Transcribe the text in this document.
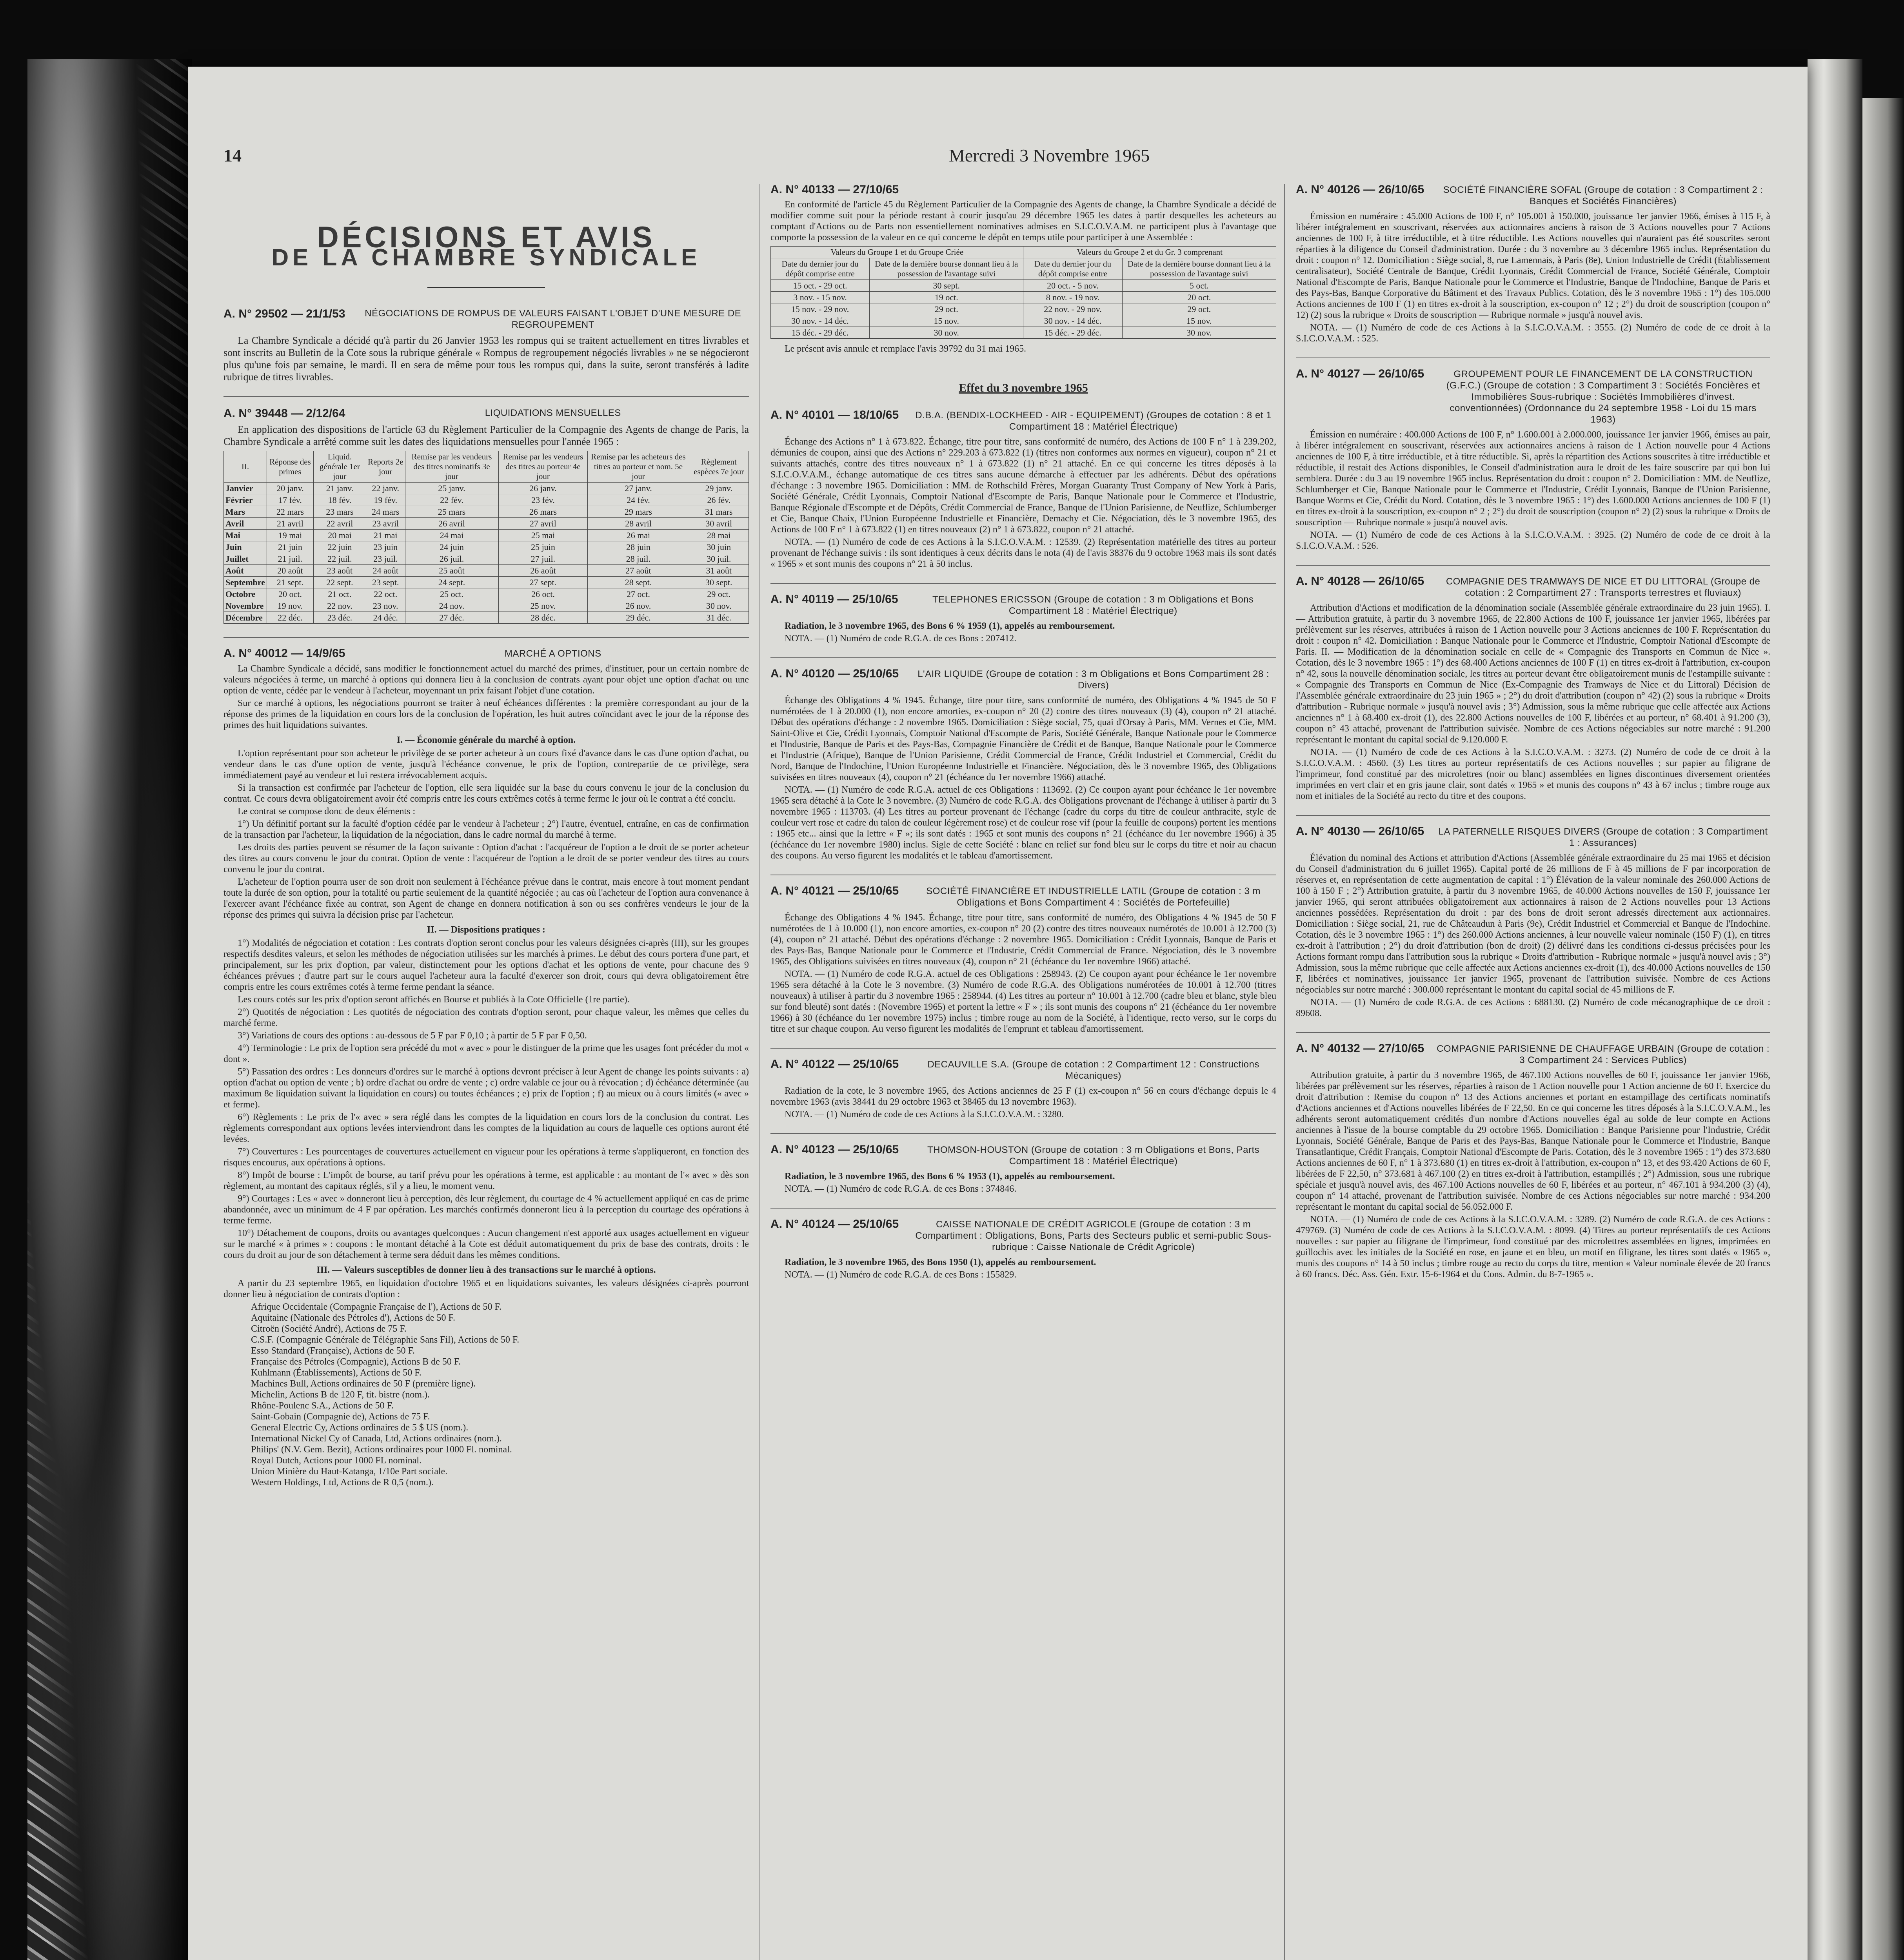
14	Mercredi 3 Novembre 1965
DÉCISIONS ET AVIS
DE LA CHAMBRE SYNDICALE
A. N° 29502 — 21/1/53	NÉGOCIATIONS DE ROMPUS DE VALEURS FAISANT L'OBJET D'UNE MESURE DE REGROUPEMENT

La Chambre Syndicale a décidé qu'à partir du 26 Janvier 1953 les rompus qui se traitent actuellement en titres livrables et sont inscrits au Bulletin de la Cote sous la rubrique générale « Rompus de regroupement négociés livrables » ne se négocieront plus qu'une fois par semaine, le mardi. Il en sera de même pour tous les rompus qui, dans la suite, seront transférés à ladite rubrique de titres livrables.

A. N° 39448 — 2/12/64	LIQUIDATIONS MENSUELLES

En application des dispositions de l'article 63 du Règlement Particulier de la Compagnie des Agents de change de Paris, la Chambre Syndicale a arrêté comme suit les dates des liquidations mensuelles pour l'année 1965 :

II.	Réponse des primes	Liquid. générale 1er jour	Reports 2e jour	Remise par les vendeurs des titres nominatifs 3e jour	Remise par les vendeurs des titres au porteur 4e jour	Remise par les acheteurs des titres au porteur et nom. 5e jour	Règlement espèces 7e jour
Janvier	20 janv.	21 janv.	22 janv.	25 janv.	26 janv.	27 janv.	29 janv.
Février	17 fév.	18 fév.	19 fév.	22 fév.	23 fév.	24 fév.	26 fév.
Mars	22 mars	23 mars	24 mars	25 mars	26 mars	29 mars	31 mars
Avril	21 avril	22 avril	23 avril	26 avril	27 avril	28 avril	30 avril
Mai	19 mai	20 mai	21 mai	24 mai	25 mai	26 mai	28 mai
Juin	21 juin	22 juin	23 juin	24 juin	25 juin	28 juin	30 juin
Juillet	21 juil.	22 juil.	23 juil.	26 juil.	27 juil.	28 juil.	30 juil.
Août	20 août	23 août	24 août	25 août	26 août	27 août	31 août
Septembre	21 sept.	22 sept.	23 sept.	24 sept.	27 sept.	28 sept.	30 sept.
Octobre	20 oct.	21 oct.	22 oct.	25 oct.	26 oct.	27 oct.	29 oct.
Novembre	19 nov.	22 nov.	23 nov.	24 nov.	25 nov.	26 nov.	30 nov.
Décembre	22 déc.	23 déc.	24 déc.	27 déc.	28 déc.	29 déc.	31 déc.
A. N° 40012 — 14/9/65	MARCHÉ A OPTIONS

La Chambre Syndicale a décidé, sans modifier le fonctionnement actuel du marché des primes, d'instituer, pour un certain nombre de valeurs négociées à terme, un marché à options qui donnera lieu à la conclusion de contrats ayant pour objet une option d'achat ou une option de vente, cédée par le vendeur à l'acheteur, moyennant un prix faisant l'objet d'une cotation.

Sur ce marché à options, les négociations pourront se traiter à neuf échéances différentes : la première correspondant au jour de la réponse des primes de la liquidation en cours lors de la conclusion de l'opération, les huit autres coïncidant avec le jour de la réponse des primes des huit liquidations suivantes.

I. — Économie générale du marché à option.

L'option représentant pour son acheteur le privilège de se porter acheteur à un cours fixé d'avance dans le cas d'une option d'achat, ou vendeur dans le cas d'une option de vente, jusqu'à l'échéance convenue, le prix de l'option, contrepartie de ce privilège, sera immédiatement payé au vendeur et lui restera irrévocablement acquis.

Si la transaction est confirmée par l'acheteur de l'option, elle sera liquidée sur la base du cours convenu le jour de la conclusion du contrat. Ce cours devra obligatoirement avoir été compris entre les cours extrêmes cotés à terme ferme le jour où le contrat a été conclu.

Le contrat se compose donc de deux éléments :

1°) Un définitif portant sur la faculté d'option cédée par le vendeur à l'acheteur ; 2°) l'autre, éventuel, entraîne, en cas de confirmation de la transaction par l'acheteur, la liquidation de la négociation, dans le cadre normal du marché à terme.

Les droits des parties peuvent se résumer de la façon suivante : Option d'achat : l'acquéreur de l'option a le droit de se porter acheteur des titres au cours convenu le jour du contrat. Option de vente : l'acquéreur de l'option a le droit de se porter vendeur des titres au cours convenu le jour du contrat.

L'acheteur de l'option pourra user de son droit non seulement à l'échéance prévue dans le contrat, mais encore à tout moment pendant toute la durée de son option, pour la totalité ou partie seulement de la quantité négociée ; au cas où l'acheteur de l'option aura convenance à l'exercer avant l'échéance fixée au contrat, son Agent de change en donnera notification à son ou ses confrères vendeurs le jour de la réponse des primes qui suivra la décision prise par l'acheteur.

II. — Dispositions pratiques :

1°) Modalités de négociation et cotation : Les contrats d'option seront conclus pour les valeurs désignées ci-après (III), sur les groupes respectifs desdites valeurs, et selon les méthodes de négociation utilisées sur les marchés à primes. Le début des cours portera d'une part, et principalement, sur les prix d'option, par valeur, distinctement pour les options d'achat et les options de vente, pour chacune des 9 échéances prévues ; d'autre part sur le cours auquel l'acheteur aura la faculté d'exercer son droit, cours qui devra obligatoirement être compris entre les cours extrêmes cotés à terme ferme pendant la séance.

Les cours cotés sur les prix d'option seront affichés en Bourse et publiés à la Cote Officielle (1re partie).

2°) Quotités de négociation : Les quotités de négociation des contrats d'option seront, pour chaque valeur, les mêmes que celles du marché ferme.

3°) Variations de cours des options : au-dessous de 5 F par F 0,10 ; à partir de 5 F par F 0,50.

4°) Terminologie : Le prix de l'option sera précédé du mot « avec » pour le distinguer de la prime que les usages font précéder du mot « dont ».

5°) Passation des ordres : Les donneurs d'ordres sur le marché à options devront préciser à leur Agent de change les points suivants : a) option d'achat ou option de vente ; b) ordre d'achat ou ordre de vente ; c) ordre valable ce jour ou à révocation ; d) échéance déterminée (au maximum 8e liquidation suivant la liquidation en cours) ou toutes échéances ; e) prix de l'option ; f) au mieux ou à cours limités (« avec » et ferme).

6°) Règlements : Le prix de l'« avec » sera réglé dans les comptes de la liquidation en cours lors de la conclusion du contrat. Les règlements correspondant aux options levées interviendront dans les comptes de la liquidation au cours de laquelle ces options auront été levées.

7°) Couvertures : Les pourcentages de couvertures actuellement en vigueur pour les opérations à terme s'appliqueront, en fonction des risques encourus, aux opérations à options.

8°) Impôt de bourse : L'impôt de bourse, au tarif prévu pour les opérations à terme, est applicable : au montant de l'« avec » dès son règlement, au montant des capitaux réglés, s'il y a lieu, le moment venu.

9°) Courtages : Les « avec » donneront lieu à perception, dès leur règlement, du courtage de 4 % actuellement appliqué en cas de prime abandonnée, avec un minimum de 4 F par opération. Les marchés confirmés donneront lieu à la perception du courtage des opérations à terme ferme.

10°) Détachement de coupons, droits ou avantages quelconques : Aucun changement n'est apporté aux usages actuellement en vigueur sur le marché « à primes » : coupons : le montant détaché à la Cote est déduit automatiquement du prix de base des contrats, droits : le cours du droit au jour de son détachement à terme sera déduit dans les mêmes conditions.

III. — Valeurs susceptibles de donner lieu à des transactions sur le marché à options.

A partir du 23 septembre 1965, en liquidation d'octobre 1965 et en liquidations suivantes, les valeurs désignées ci-après pourront donner lieu à négociation de contrats d'option :

Afrique Occidentale (Compagnie Française de l'), Actions de 50 F.
Aquitaine (Nationale des Pétroles d'), Actions de 50 F.
Citroën (Société André), Actions de 75 F.
C.S.F. (Compagnie Générale de Télégraphie Sans Fil), Actions de 50 F.
Esso Standard (Française), Actions de 50 F.
Française des Pétroles (Compagnie), Actions B de 50 F.
Kuhlmann (Établissements), Actions de 50 F.
Machines Bull, Actions ordinaires de 50 F (première ligne).
Michelin, Actions B de 120 F, tit. bistre (nom.).
Rhône-Poulenc S.A., Actions de 50 F.
Saint-Gobain (Compagnie de), Actions de 75 F.
General Electric Cy, Actions ordinaires de 5 $ US (nom.).
International Nickel Cy of Canada, Ltd, Actions ordinaires (nom.).
Philips' (N.V. Gem. Bezit), Actions ordinaires pour 1000 Fl. nominal.
Royal Dutch, Actions pour 1000 FL nominal.
Union Minière du Haut-Katanga, 1/10e Part sociale.
Western Holdings, Ltd, Actions de R 0,5 (nom.).
A. N° 40133 — 27/10/65

En conformité de l'article 45 du Règlement Particulier de la Compagnie des Agents de change, la Chambre Syndicale a décidé de modifier comme suit pour la période restant à courir jusqu'au 29 décembre 1965 les dates à partir desquelles les acheteurs au comptant d'Actions ou de Parts non essentiellement nominatives admises en S.I.C.O.V.A.M. ne participent plus à l'avantage que comporte la possession de la valeur en ce qui concerne le dépôt en temps utile pour participer à une Assemblée :

Valeurs du Groupe 1 et du Groupe Criée		Valeurs du Groupe 2 et du Gr. 3 comprenant	
Date du dernier jour du dépôt comprise entre	Date de la dernière bourse donnant lieu à la possession de l'avantage suivi	Date du dernier jour du dépôt comprise entre	Date de la dernière bourse donnant lieu à la possession de l'avantage suivi
15 oct. - 29 oct.	30 sept.	20 oct. - 5 nov.	5 oct.
3 nov. - 15 nov.	19 oct.	8 nov. - 19 nov.	20 oct.
15 nov. - 29 nov.	29 oct.	22 nov. - 29 nov.	29 oct.
30 nov. - 14 déc.	15 nov.	30 nov. - 14 déc.	15 nov.
15 déc. - 29 déc.	30 nov.	15 déc. - 29 déc.	30 nov.

Le présent avis annule et remplace l'avis 39792 du 31 mai 1965.

Effet du 3 novembre 1965
A. N° 40101 — 18/10/65	D.B.A. (BENDIX-LOCKHEED - AIR - EQUIPEMENT) (Groupes de cotation : 8 et 1 Compartiment 18 : Matériel Électrique)

Échange des Actions n° 1 à 673.822. Échange, titre pour titre, sans conformité de numéro, des Actions de 100 F n° 1 à 239.202, démunies de coupon, ainsi que des Actions n° 229.203 à 673.822 (1) (titres non conformes aux normes en vigueur), coupon n° 21 et suivants attachés, contre des titres nouveaux n° 1 à 673.822 (1) n° 21 attaché. En ce qui concerne les titres déposés à la S.I.C.O.V.A.M., échange automatique de ces titres sans aucune démarche à effectuer par les adhérents. Début des opérations d'échange : 3 novembre 1965. Domiciliation : MM. de Rothschild Frères, Morgan Guaranty Trust Company of New York à Paris, Société Générale, Crédit Lyonnais, Comptoir National d'Escompte de Paris, Banque Nationale pour le Commerce et l'Industrie, Banque Régionale d'Escompte et de Dépôts, Crédit Commercial de France, Banque de l'Union Parisienne, de Neuflize, Schlumberger et Cie, Banque Chaix, l'Union Européenne Industrielle et Financière, Demachy et Cie. Négociation, dès le 3 novembre 1965, des Actions de 100 F n° 1 à 673.822 (1) en titres nouveaux (2) n° 1 à 673.822, coupon n° 21 attaché.

NOTA. — (1) Numéro de code de ces Actions à la S.I.C.O.V.A.M. : 12539. (2) Représentation matérielle des titres au porteur provenant de l'échange suivis : ils sont identiques à ceux décrits dans le nota (4) de l'avis 38376 du 9 octobre 1963 mais ils sont datés « 1965 » et sont munis des coupons n° 21 à 50 inclus.

A. N° 40119 — 25/10/65	TELEPHONES ERICSSON (Groupe de cotation : 3 m Obligations et Bons Compartiment 18 : Matériel Électrique)

Radiation, le 3 novembre 1965, des Bons 6 % 1959 (1), appelés au remboursement.

NOTA. — (1) Numéro de code R.G.A. de ces Bons : 207412.

A. N° 40120 — 25/10/65	L'AIR LIQUIDE (Groupe de cotation : 3 m Obligations et Bons Compartiment 28 : Divers)

Échange des Obligations 4 % 1945. Échange, titre pour titre, sans conformité de numéro, des Obligations 4 % 1945 de 50 F numérotées de 1 à 20.000 (1), non encore amorties, ex-coupon n° 20 (2) contre des titres nouveaux (3) (4), coupon n° 21 attaché. Début des opérations d'échange : 2 novembre 1965. Domiciliation : Siège social, 75, quai d'Orsay à Paris, MM. Vernes et Cie, MM. Saint-Olive et Cie, Crédit Lyonnais, Comptoir National d'Escompte de Paris, Société Générale, Banque Nationale pour le Commerce et l'Industrie, Banque de Paris et des Pays-Bas, Compagnie Financière de Crédit et de Banque, Banque Nationale pour le Commerce et l'Industrie (Afrique), Banque de l'Union Parisienne, Crédit Commercial de France, Crédit Industriel et Commercial, Crédit du Nord, Banque de l'Indochine, l'Union Européenne Industrielle et Financière. Négociation, dès le 3 novembre 1965, des Obligations suivisées en titres nouveaux (4), coupon n° 21 (échéance du 1er novembre 1966) attaché.

NOTA. — (1) Numéro de code R.G.A. actuel de ces Obligations : 113692. (2) Ce coupon ayant pour échéance le 1er novembre 1965 sera détaché à la Cote le 3 novembre. (3) Numéro de code R.G.A. des Obligations provenant de l'échange à utiliser à partir du 3 novembre 1965 : 113703. (4) Les titres au porteur provenant de l'échange (cadre du corps du titre de couleur anthracite, style de couleur vert rose et cadre du talon de couleur légèrement rose) et de couleur rose vif (pour la feuille de coupons) portent les mentions : 1965 etc... ainsi que la lettre « F »; ils sont datés : 1965 et sont munis des coupons n° 21 (échéance du 1er novembre 1966) à 35 (échéance du 1er novembre 1980) inclus. Sigle de cette Société : blanc en relief sur fond bleu sur le corps du titre et noir au chacun des coupons. Au verso figurent les modalités et le tableau d'amortissement.

A. N° 40121 — 25/10/65	SOCIÉTÉ FINANCIÈRE ET INDUSTRIELLE LATIL (Groupe de cotation : 3 m Obligations et Bons Compartiment 4 : Sociétés de Portefeuille)

Échange des Obligations 4 % 1945. Échange, titre pour titre, sans conformité de numéro, des Obligations 4 % 1945 de 50 F numérotées de 1 à 10.000 (1), non encore amorties, ex-coupon n° 20 (2) contre des titres nouveaux numérotés de 10.001 à 12.700 (3) (4), coupon n° 21 attaché. Début des opérations d'échange : 2 novembre 1965. Domiciliation : Crédit Lyonnais, Banque de Paris et des Pays-Bas, Banque Nationale pour le Commerce et l'Industrie, Crédit Commercial de France. Négociation, dès le 3 novembre 1965, des Obligations suivisées en titres nouveaux (4), coupon n° 21 (échéance du 1er novembre 1966) attaché.

NOTA. — (1) Numéro de code R.G.A. actuel de ces Obligations : 258943. (2) Ce coupon ayant pour échéance le 1er novembre 1965 sera détaché à la Cote le 3 novembre. (3) Numéro de code R.G.A. des Obligations numérotées de 10.001 à 12.700 (titres nouveaux) à utiliser à partir du 3 novembre 1965 : 258944. (4) Les titres au porteur n° 10.001 à 12.700 (cadre bleu et blanc, style bleu sur fond bleuté) sont datés : (Novembre 1965) et portent la lettre « F » ; ils sont munis des coupons n° 21 (échéance du 1er novembre 1966) à 30 (échéance du 1er novembre 1975) inclus ; timbre rouge au nom de la Société, à l'identique, recto verso, sur le corps du titre et sur chaque coupon. Au verso figurent les modalités de l'emprunt et tableau d'amortissement.

A. N° 40122 — 25/10/65	DECAUVILLE S.A. (Groupe de cotation : 2 Compartiment 12 : Constructions Mécaniques)

Radiation de la cote, le 3 novembre 1965, des Actions anciennes de 25 F (1) ex-coupon n° 56 en cours d'échange depuis le 4 novembre 1963 (avis 38441 du 29 octobre 1963 et 38465 du 13 novembre 1963).

NOTA. — (1) Numéro de code de ces Actions à la S.I.C.O.V.A.M. : 3280.

A. N° 40123 — 25/10/65	THOMSON-HOUSTON (Groupe de cotation : 3 m Obligations et Bons, Parts Compartiment 18 : Matériel Électrique)

Radiation, le 3 novembre 1965, des Bons 6 % 1953 (1), appelés au remboursement.

NOTA. — (1) Numéro de code R.G.A. de ces Bons : 374846.

A. N° 40124 — 25/10/65	CAISSE NATIONALE DE CRÉDIT AGRICOLE (Groupe de cotation : 3 m Compartiment : Obligations, Bons, Parts des Secteurs public et semi-public Sous-rubrique : Caisse Nationale de Crédit Agricole)

Radiation, le 3 novembre 1965, des Bons 1950 (1), appelés au remboursement.

NOTA. — (1) Numéro de code R.G.A. de ces Bons : 155829.

A. N° 40126 — 26/10/65	SOCIÉTÉ FINANCIÈRE SOFAL (Groupe de cotation : 3 Compartiment 2 : Banques et Sociétés Financières)

Émission en numéraire : 45.000 Actions de 100 F, n° 105.001 à 150.000, jouissance 1er janvier 1966, émises à 115 F, à libérer intégralement en souscrivant, réservées aux actionnaires anciens à raison de 3 Actions nouvelles pour 7 Actions anciennes de 100 F, à titre irréductible, et à titre réductible. Les Actions nouvelles qui n'auraient pas été souscrites seront réparties à la diligence du Conseil d'administration. Durée : du 3 novembre au 3 décembre 1965 inclus. Représentation du droit : coupon n° 12. Domiciliation : Siège social, 8, rue Lamennais, à Paris (8e), Union Industrielle de Crédit (Établissement centralisateur), Société Centrale de Banque, Crédit Lyonnais, Crédit Commercial de France, Société Générale, Comptoir National d'Escompte de Paris, Banque Nationale pour le Commerce et l'Industrie, Banque de l'Indochine, Banque de Paris et des Pays-Bas, Banque Corporative du Bâtiment et des Travaux Publics. Cotation, dès le 3 novembre 1965 : 1°) des 105.000 Actions anciennes de 100 F (1) en titres ex-droit à la souscription, ex-coupon n° 12 ; 2°) du droit de souscription (coupon n° 12) (2) sous la rubrique « Droits de souscription — Rubrique normale » jusqu'à nouvel avis.

NOTA. — (1) Numéro de code de ces Actions à la S.I.C.O.V.A.M. : 3555. (2) Numéro de code de ce droit à la S.I.C.O.V.A.M. : 525.

A. N° 40127 — 26/10/65	GROUPEMENT POUR LE FINANCEMENT DE LA CONSTRUCTION (G.F.C.) (Groupe de cotation : 3 Compartiment 3 : Sociétés Foncières et Immobilières Sous-rubrique : Sociétés Immobilières d'invest. conventionnées) (Ordonnance du 24 septembre 1958 - Loi du 15 mars 1963)

Émission en numéraire : 400.000 Actions de 100 F, n° 1.600.001 à 2.000.000, jouissance 1er janvier 1966, émises au pair, à libérer intégralement en souscrivant, réservées aux actionnaires anciens à raison de 1 Action nouvelle pour 4 Actions anciennes de 100 F, à titre irréductible, et à titre réductible. Si, après la répartition des Actions souscrites à titre irréductible et réductible, il restait des Actions disponibles, le Conseil d'administration aura le droit de les faire souscrire par qui bon lui semblera. Durée : du 3 au 19 novembre 1965 inclus. Représentation du droit : coupon n° 2. Domiciliation : MM. de Neuflize, Schlumberger et Cie, Banque Nationale pour le Commerce et l'Industrie, Crédit Lyonnais, Banque de l'Union Parisienne, Banque Worms et Cie, Crédit du Nord. Cotation, dès le 3 novembre 1965 : 1°) des 1.600.000 Actions anciennes de 100 F (1) en titres ex-droit à la souscription, ex-coupon n° 2 ; 2°) du droit de souscription (coupon n° 2) (2) sous la rubrique « Droits de souscription — Rubrique normale » jusqu'à nouvel avis.

NOTA. — (1) Numéro de code de ces Actions à la S.I.C.O.V.A.M. : 3925. (2) Numéro de code de ce droit à la S.I.C.O.V.A.M. : 526.

A. N° 40128 — 26/10/65	COMPAGNIE DES TRAMWAYS DE NICE ET DU LITTORAL (Groupe de cotation : 2 Compartiment 27 : Transports terrestres et fluviaux)

Attribution d'Actions et modification de la dénomination sociale (Assemblée générale extraordinaire du 23 juin 1965). I. — Attribution gratuite, à partir du 3 novembre 1965, de 22.800 Actions de 100 F, jouissance 1er janvier 1965, libérées par prélèvement sur les réserves, attribuées à raison de 1 Action nouvelle pour 3 Actions anciennes de 100 F. Représentation du droit : coupon n° 42. Domiciliation : Banque Nationale pour le Commerce et l'Industrie, Comptoir National d'Escompte de Paris. II. — Modification de la dénomination sociale en celle de « Compagnie des Transports en Commun de Nice ». Cotation, dès le 3 novembre 1965 : 1°) des 68.400 Actions anciennes de 100 F (1) en titres ex-droit à l'attribution, ex-coupon n° 42, sous la nouvelle dénomination sociale, les titres au porteur devant être obligatoirement munis de l'estampille suivante : « Compagnie des Transports en Commun de Nice (Ex-Compagnie des Tramways de Nice et du Littoral) Décision de l'Assemblée générale extraordinaire du 23 juin 1965 » ; 2°) du droit d'attribution (coupon n° 42) (2) sous la rubrique « Droits d'attribution - Rubrique normale » jusqu'à nouvel avis ; 3°) Admission, sous la même rubrique que celle affectée aux Actions anciennes n° 1 à 68.400 ex-droit (1), des 22.800 Actions nouvelles de 100 F, libérées et au porteur, n° 68.401 à 91.200 (3), coupon n° 43 attaché, provenant de l'attribution suivisée. Nombre de ces Actions négociables sur notre marché : 91.200 représentant le montant du capital social de 9.120.000 F.

NOTA. — (1) Numéro de code de ces Actions à la S.I.C.O.V.A.M. : 3273. (2) Numéro de code de ce droit à la S.I.C.O.V.A.M. : 4560. (3) Les titres au porteur représentatifs de ces Actions nouvelles ; sur papier au filigrane de l'imprimeur, fond constitué par des microlettres (noir ou blanc) assemblées en lignes discontinues diversement orientées imprimées en vert clair et en gris jaune clair, sont datés « 1965 » et munis des coupons n° 43 à 67 inclus ; timbre rouge aux nom et initiales de la Société au recto du titre et des coupons.

A. N° 40130 — 26/10/65 LA PATERNELLE RISQUES DIVERS (Groupe de cotation : 3 Compartiment 1 : Assurances)

Élévation du nominal des Actions et attribution d'Actions (Assemblée générale extraordinaire du 25 mai 1965 et décision du Conseil d'administration du 6 juillet 1965). Capital porté de 26 millions de F à 45 millions de F par incorporation de réserves et, en représentation de cette augmentation de capital : 1°) Élévation de la valeur nominale des 260.000 Actions de 100 à 150 F ; 2°) Attribution gratuite, à partir du 3 novembre 1965, de 40.000 Actions nouvelles de 150 F, jouissance 1er janvier 1965, qui seront attribuées obligatoirement aux actionnaires à raison de 2 Actions nouvelles pour 13 Actions anciennes possédées. Représentation du droit : par des bons de droit seront adressés directement aux actionnaires. Domiciliation : Siège social, 21, rue de Châteaudun à Paris (9e), Crédit Industriel et Commercial et Banque de l'Indochine. Cotation, dès le 3 novembre 1965 : 1°) des 260.000 Actions anciennes, à leur nouvelle valeur nominale (150 F) (1), en titres ex-droit à l'attribution ; 2°) du droit d'attribution (bon de droit) (2) délivré dans les conditions ci-dessus précisées pour les Actions formant rompu dans l'attribution sous la rubrique « Droits d'attribution - Rubrique normale » jusqu'à nouvel avis ; 3°) Admission, sous la même rubrique que celle affectée aux Actions anciennes ex-droit (1), des 40.000 Actions nouvelles de 150 F, libérées et nominatives, jouissance 1er janvier 1965, provenant de l'attribution suivisée. Nombre de ces Actions négociables sur notre marché : 300.000 représentant le montant du capital social de 45 millions de F.

NOTA. — (1) Numéro de code R.G.A. de ces Actions : 688130. (2) Numéro de code mécanographique de ce droit : 89608.

A. N° 40132 — 27/10/65 COMPAGNIE PARISIENNE DE CHAUFFAGE URBAIN (Groupe de cotation : 3 Compartiment 24 : Services Publics)

Attribution gratuite, à partir du 3 novembre 1965, de 467.100 Actions nouvelles de 60 F, jouissance 1er janvier 1966, libérées par prélèvement sur les réserves, réparties à raison de 1 Action nouvelle pour 1 Action ancienne de 60 F. Exercice du droit d'attribution : Remise du coupon n° 13 des Actions anciennes et portant en estampillage des certificats nominatifs d'Actions anciennes et d'Actions nouvelles libérées de F 22,50. En ce qui concerne les titres déposés à la S.I.C.O.V.A.M., les adhérents seront automatiquement crédités d'un nombre d'Actions nouvelles égal au solde de leur compte en Actions anciennes à l'issue de la bourse comptable du 29 octobre 1965. Domiciliation : Banque Parisienne pour l'Industrie, Crédit Lyonnais, Société Générale, Banque de Paris et des Pays-Bas, Banque Nationale pour le Commerce et l'Industrie, Banque Transatlantique, Crédit Français, Comptoir National d'Escompte de Paris. Cotation, dès le 3 novembre 1965 : 1°) des 373.680 Actions anciennes de 60 F, n° 1 à 373.680 (1) en titres ex-droit à l'attribution, ex-coupon n° 13, et des 93.420 Actions de 60 F, libérées de F 22,50, n° 373.681 à 467.100 (2) en titres ex-droit à l'attribution, estampillés ; 2°) Admission, sous une rubrique spéciale et jusqu'à nouvel avis, des 467.100 Actions nouvelles de 60 F, libérées et au porteur, n° 467.101 à 934.200 (3) (4), coupon n° 14 attaché, provenant de l'attribution suivisée. Nombre de ces Actions négociables sur notre marché : 934.200 représentant le montant du capital social de 56.052.000 F.

NOTA. — (1) Numéro de code de ces Actions à la S.I.C.O.V.A.M. : 3289. (2) Numéro de code R.G.A. de ces Actions : 479769. (3) Numéro de code de ces Actions à la S.I.C.O.V.A.M. : 8099. (4) Titres au porteur représentatifs de ces Actions nouvelles : sur papier au filigrane de l'imprimeur, fond constitué par des microlettres assemblées en lignes, imprimées en guillochis avec les initiales de la Société en rose, en jaune et en bleu, un motif en filigrane, les titres sont datés « 1965 », munis des coupons n° 14 à 50 inclus ; timbre rouge au recto du corps du titre, mention « Valeur nominale élevée de 20 francs à 60 francs. Déc. Ass. Gén. Extr. 15-6-1964 et du Cons. Admin. du 8-7-1965 ».
